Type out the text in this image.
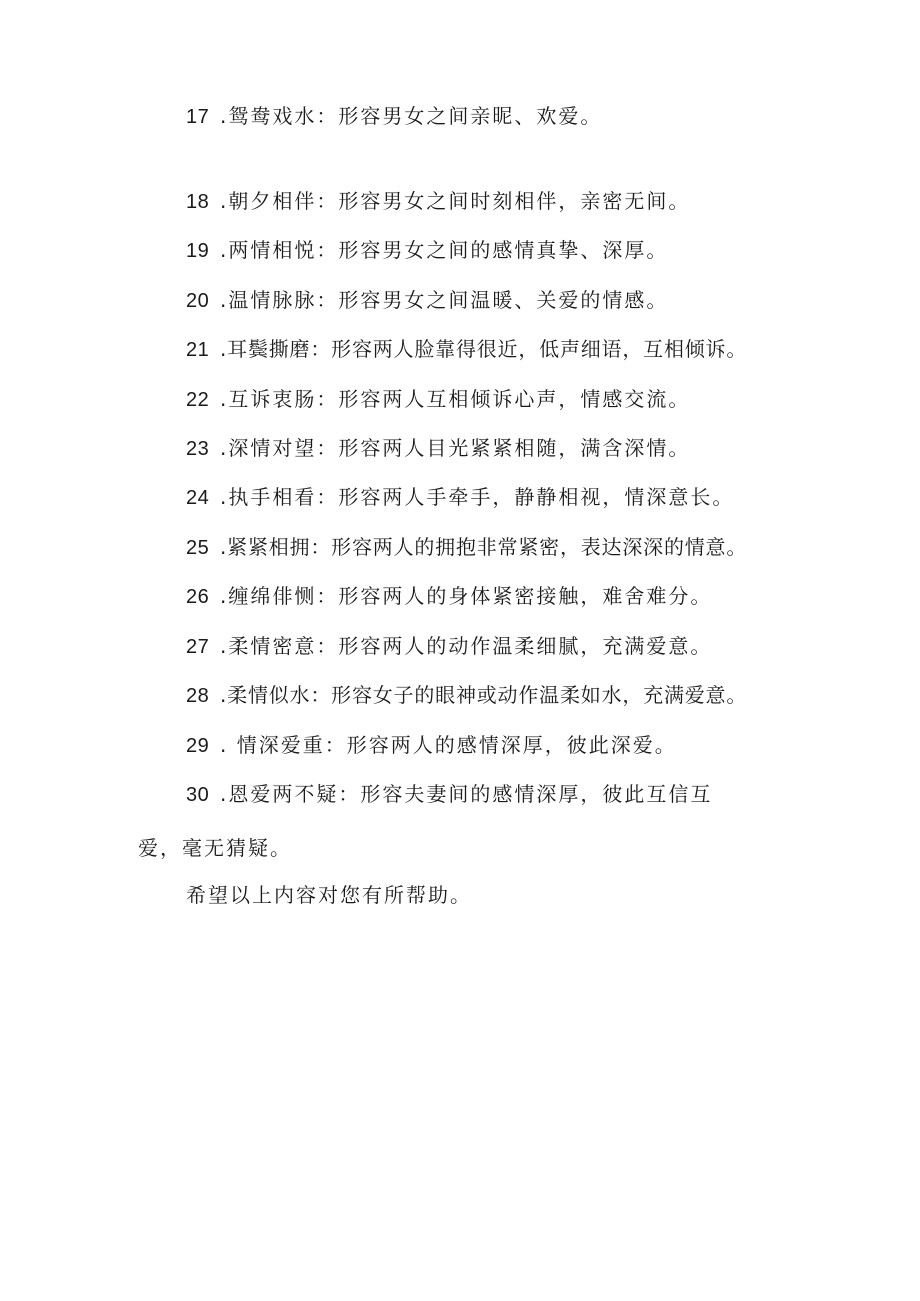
17 .鸳鸯戏水：形容男女之间亲昵、欢爱。
18 .朝夕相伴：形容男女之间时刻相伴，亲密无间。
19 .两情相悦：形容男女之间的感情真挚、深厚。
20 .温情脉脉：形容男女之间温暖、关爱的情感。
21 .耳鬓撕磨：形容两人脸靠得很近，低声细语，互相倾诉。
22 .互诉衷肠：形容两人互相倾诉心声，情感交流。
23 .深情对望：形容两人目光紧紧相随，满含深情。
24 .执手相看：形容两人手牵手，静静相视，情深意长。
25 .紧紧相拥：形容两人的拥抱非常紧密，表达深深的情意。
26 .缠绵俳恻：形容两人的身体紧密接触，难舍难分。
27 .柔情密意：形容两人的动作温柔细腻，充满爱意。
28 .柔情似水：形容女子的眼神或动作温柔如水，充满爱意。
29 . 情深爱重：形容两人的感情深厚，彼此深爱。
30 .恩爱两不疑：形容夫妻间的感情深厚，彼此互信互
爱，毫无猜疑。
希望以上内容对您有所帮助。
